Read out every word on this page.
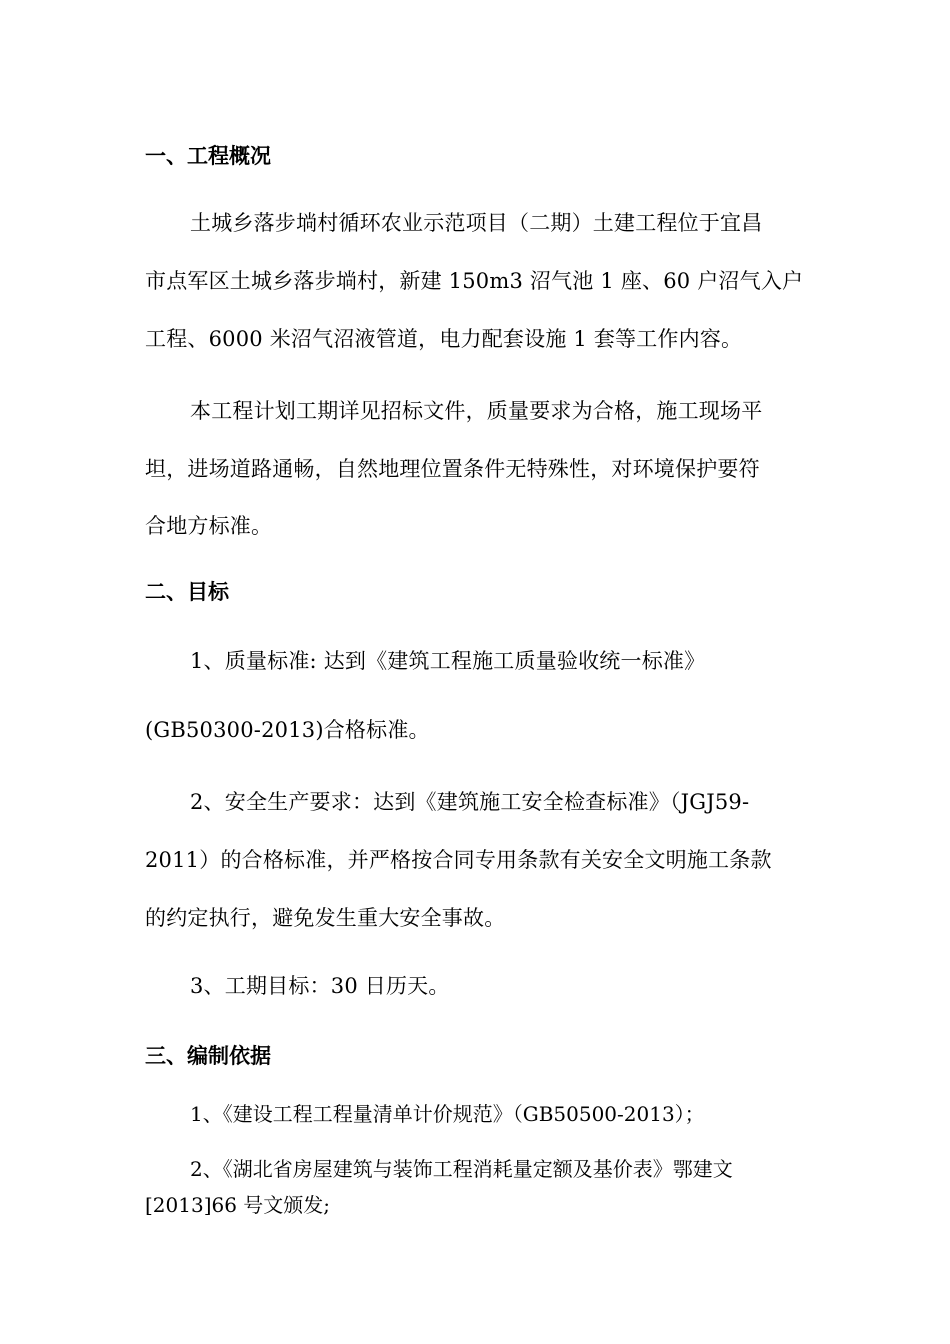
一、工程概况
土城乡落步埫村循环农业示范项目（二期）土建工程位于宜昌
市点军区土城乡落步埫村，新建 150m3 沼气池 1 座、60 户沼气入户
工程、6000 米沼气沼液管道，电力配套设施 1 套等工作内容。
本工程计划工期详见招标文件，质量要求为合格，施工现场平
坦，进场道路通畅，自然地理位置条件无特殊性，对环境保护要符
合地方标准。
二、目标
1、质量标准: 达到《建筑工程施工质量验收统一标准》
(GB50300-2013)合格标准。
2、安全生产要求：达到《建筑施工安全检查标准》（JGJ59-
2011）的合格标准，并严格按合同专用条款有关安全文明施工条款
的约定执行，避免发生重大安全事故。
3、工期目标：30 日历天。
三、编制依据
1、《建设工程工程量清单计价规范》（GB50500-2013）；
2、《湖北省房屋建筑与装饰工程消耗量定额及基价表》鄂建文
[2013]66 号文颁发;
